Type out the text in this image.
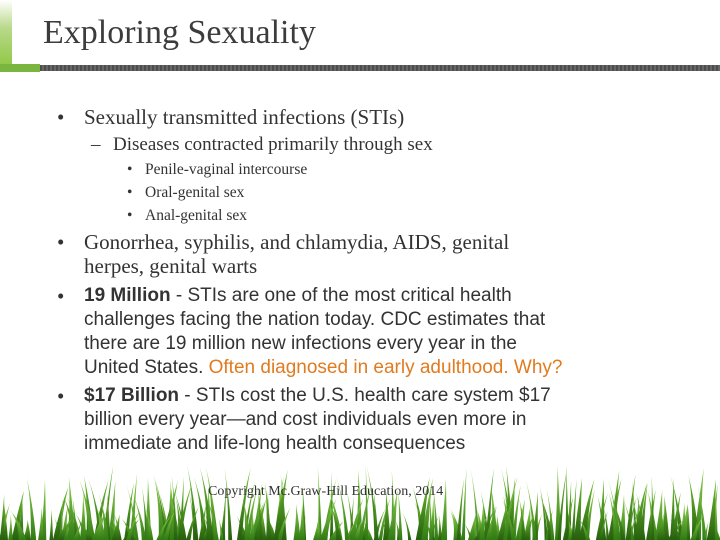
Exploring Sexuality
• Sexually transmitted infections (STIs)
– Diseases contracted primarily through sex
• Penile-vaginal intercourse
• Oral-genital sex
• Anal-genital sex
• Gonorrhea, syphilis, and chlamydia, AIDS, genital
herpes, genital warts
•	19 Million - STIs are one of the most critical health
challenges facing the nation today. CDC estimates that
there are 19 million new infections every year in the
United States. Often diagnosed in early adulthood. Why?
•	$17 Billion - STIs cost the U.S. health care system $17
billion every year—and cost individuals even more in
immediate and life-long health consequences
Copyright Mc.Graw-Hill Education, 2014
